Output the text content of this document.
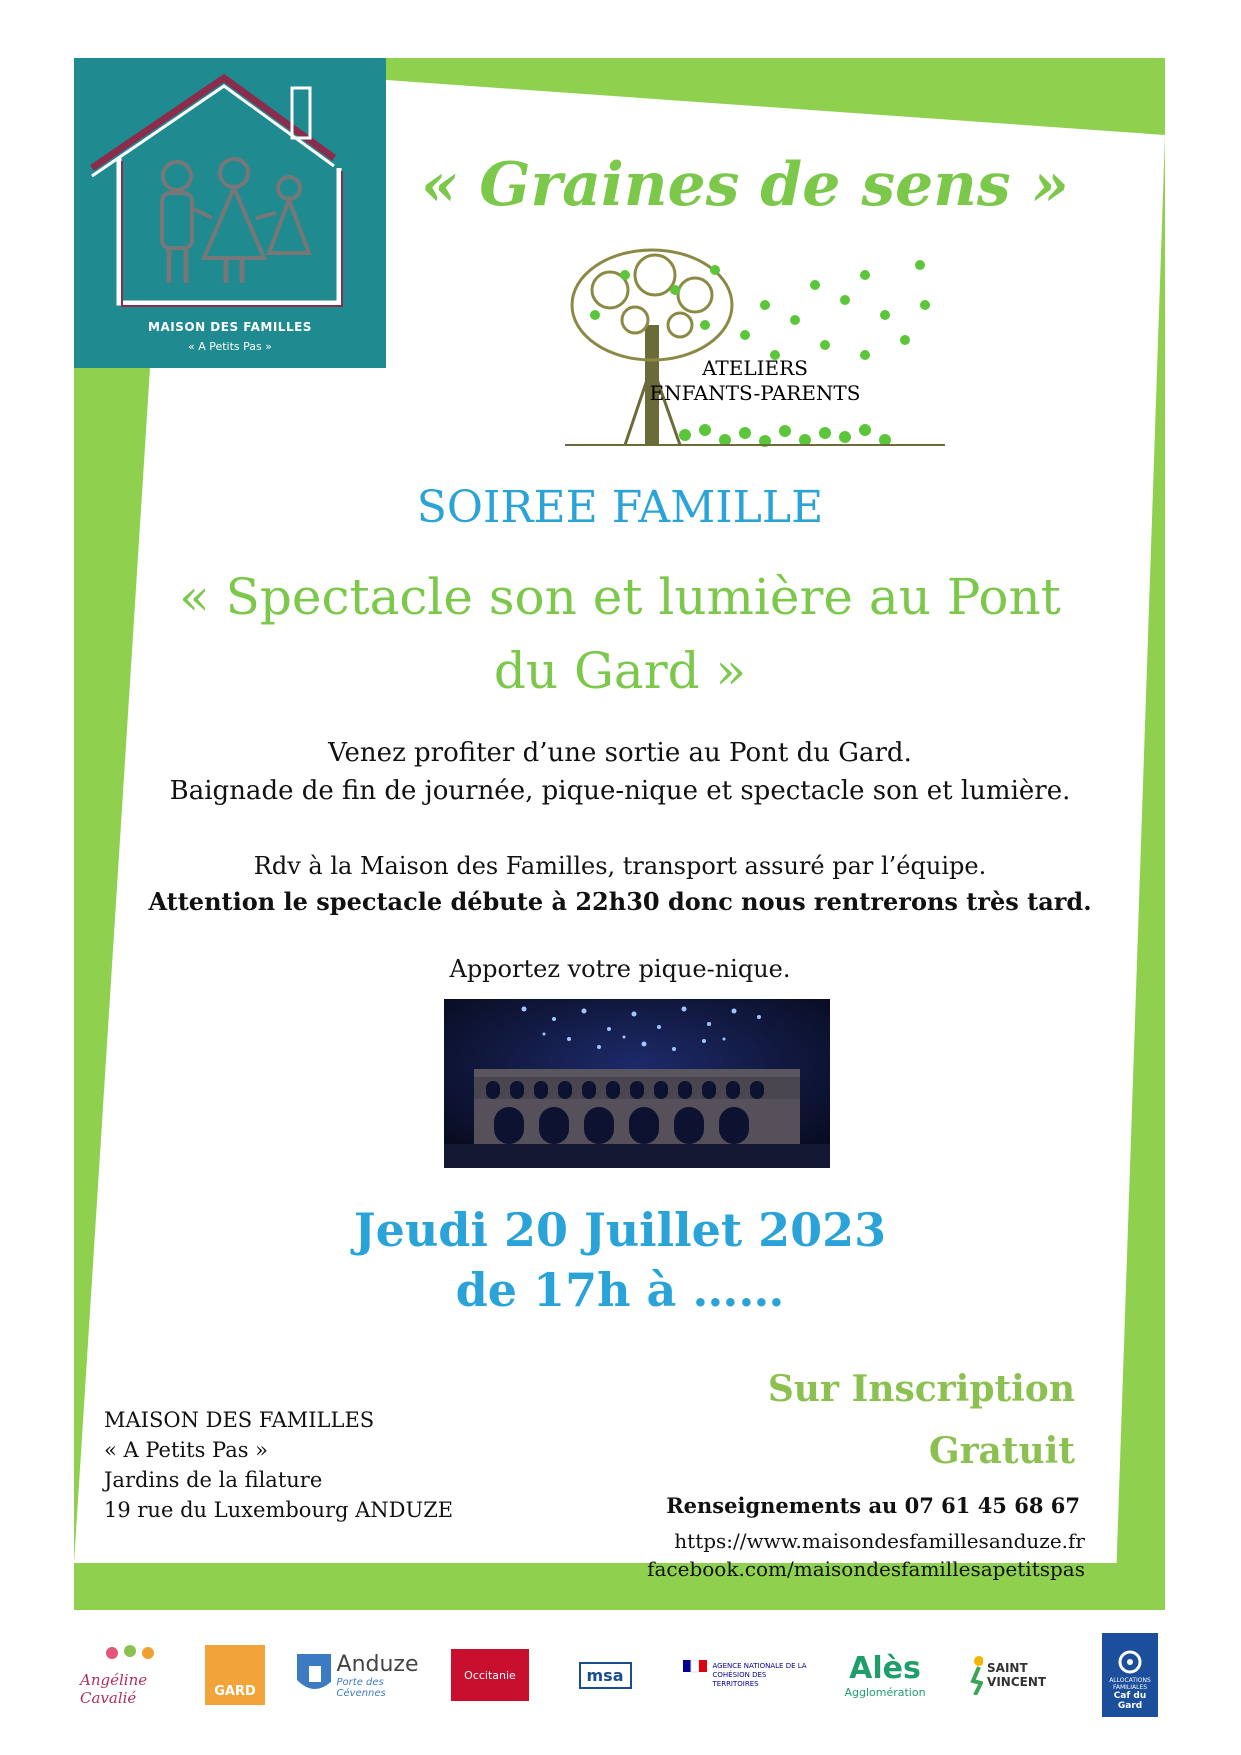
MAISON DES FAMILLES
« A Petits Pas »
« Graines de sens »
ATELIERS
ENFANTS-PARENTS
SOIREE FAMILLE
« Spectacle son et lumière au Pont
du Gard »
Venez profiter d’une sortie au Pont du Gard.
Baignade de fin de journée, pique-nique et spectacle son et lumière.
Rdv à la Maison des Familles, transport assuré par l’équipe.
Attention le spectacle débute à 22h30 donc nous rentrerons très tard.
Apportez votre pique-nique.
Jeudi 20 Juillet 2023
de 17h à ……
MAISON DES FAMILLES
« A Petits Pas »
Jardins de la filature
19 rue du Luxembourg ANDUZE
Sur Inscription
Gratuit
Renseignements au 07 61 45 68 67
https://www.maisondesfamillesanduze.fr
facebook.com/maisondesfamillesapetitspas
Angéline Cavalié	GARD
Anduze
Porte des Cévennes
Occitanie	msa	AGENCE NATIONALE DE LA COHÉSION DES TERRITOIRES	Alès
Agglomération
SAINT VINCENT	ALLOCATIONS FAMILIALES
Caf du Gard
